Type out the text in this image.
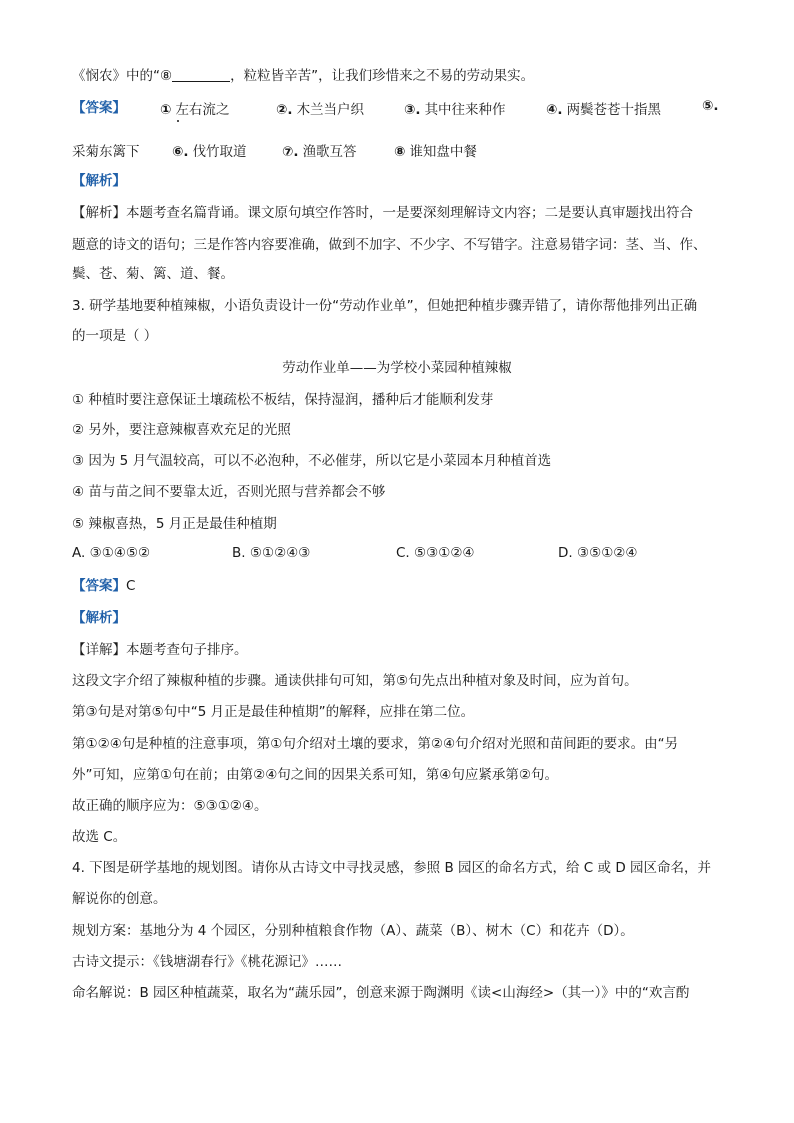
《悯农》中的“⑧	，粒粒皆辛苦”，让我们珍惜来之不易的劳动果实。
【答案】	① 左右流之	②. 木兰当户织	③. 其中往来种作	④. 两鬓苍苍十指黑	⑤.
采菊东篱下 ⑥. 伐竹取道	⑦. 渔歌互答	⑧ 谁知盘中餐
【解析】
【解析】本题考查名篇背诵。课文原句填空作答时，一是要深刻理解诗文内容；二是要认真审题找出符合
题意的诗文的语句；三是作答内容要准确，做到不加字、不少字、不写错字。注意易错字词：茎、当、作、
鬓、苍、菊、篱、道、餐。
3. 研学基地要种植辣椒，小语负责设计一份“劳动作业单”，但她把种植步骤弄错了，请你帮他排列出正确
的一项是（ ）
劳动作业单——为学校小菜园种植辣椒
① 种植时要注意保证土壤疏松不板结，保持湿润，播种后才能顺利发芽
② 另外，要注意辣椒喜欢充足的光照
③ 因为 5 月气温较高，可以不必泡种，不必催芽，所以它是小菜园本月种植首选
④ 苗与苗之间不要靠太近，否则光照与营养都会不够
⑤ 辣椒喜热，5 月正是最佳种植期
A. ③①④⑤②	B. ⑤①②④③	C. ⑤③①②④	D. ③⑤①②④
【答案】C
【解析】
【详解】本题考查句子排序。
这段文字介绍了辣椒种植的步骤。通读供排句可知，第⑤句先点出种植对象及时间，应为首句。
第③句是对第⑤句中“5 月正是最佳种植期”的解释，应排在第二位。
第①②④句是种植的注意事项，第①句介绍对土壤的要求，第②④句介绍对光照和苗间距的要求。由“另
外”可知，应第①句在前；由第②④句之间的因果关系可知，第④句应紧承第②句。
故正确的顺序应为：⑤③①②④。
故选 C。
4. 下图是研学基地的规划图。请你从古诗文中寻找灵感，参照 B 园区的命名方式，给 C 或 D 园区命名，并
解说你的创意。
规划方案：基地分为 4 个园区，分别种植粮食作物（A）、蔬菜（B）、树木（C）和花卉（D）。
古诗文提示：《钱塘湖春行》《桃花源记》……
命名解说：B 园区种植蔬菜，取名为“蔬乐园”，创意来源于陶渊明《读<山海经>（其一）》中的“欢言酌
